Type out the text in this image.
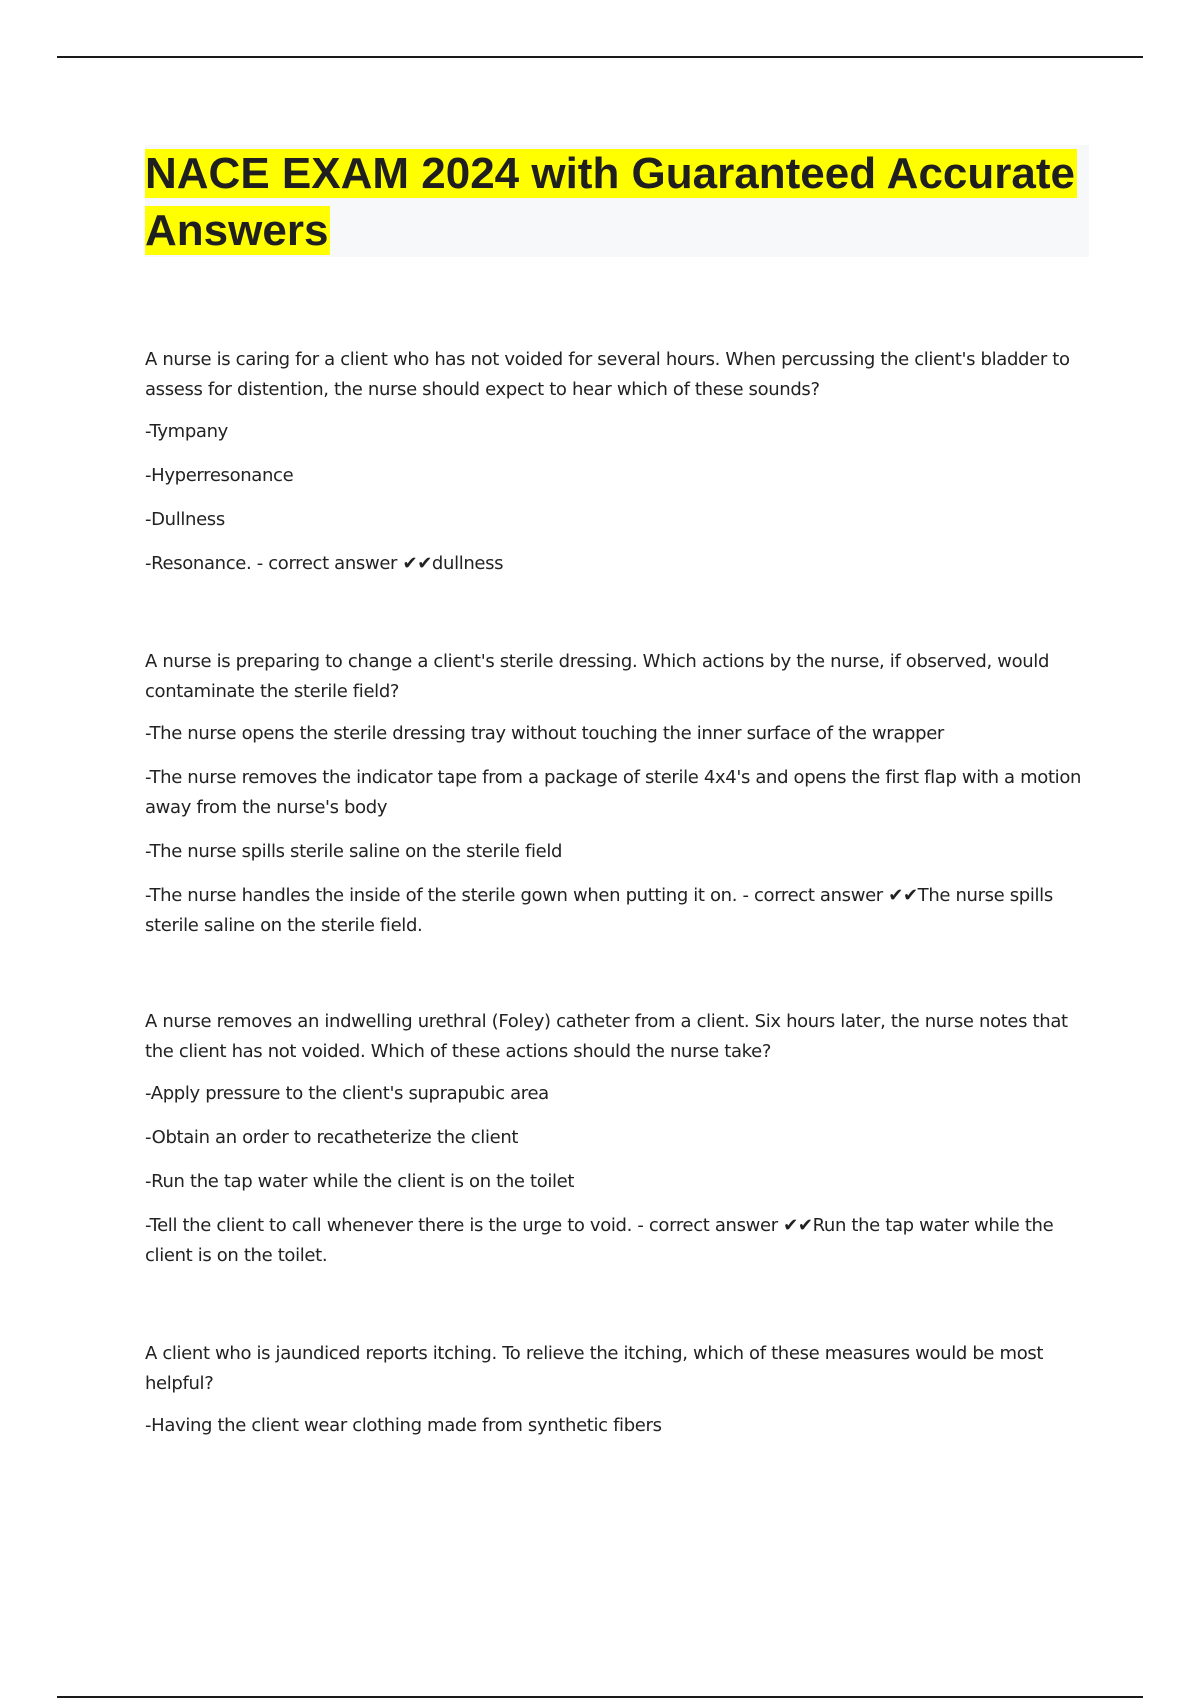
NACE EXAM 2024 with Guaranteed Accurate Answers

A nurse is caring for a client who has not voided for several hours. When percussing the client's bladder to assess for distention, the nurse should expect to hear which of these sounds?

-Tympany

-Hyperresonance

-Dullness

-Resonance. - correct answer ✔✔dullness

A nurse is preparing to change a client's sterile dressing. Which actions by the nurse, if observed, would contaminate the sterile field?

-The nurse opens the sterile dressing tray without touching the inner surface of the wrapper

-The nurse removes the indicator tape from a package of sterile 4x4's and opens the first flap with a motion away from the nurse's body

-The nurse spills sterile saline on the sterile field

-The nurse handles the inside of the sterile gown when putting it on. - correct answer ✔✔The nurse spills sterile saline on the sterile field.

A nurse removes an indwelling urethral (Foley) catheter from a client. Six hours later, the nurse notes that the client has not voided. Which of these actions should the nurse take?

-Apply pressure to the client's suprapubic area

-Obtain an order to recatheterize the client

-Run the tap water while the client is on the toilet

-Tell the client to call whenever there is the urge to void. - correct answer ✔✔Run the tap water while the client is on the toilet.

A client who is jaundiced reports itching. To relieve the itching, which of these measures would be most helpful?

-Having the client wear clothing made from synthetic fibers
